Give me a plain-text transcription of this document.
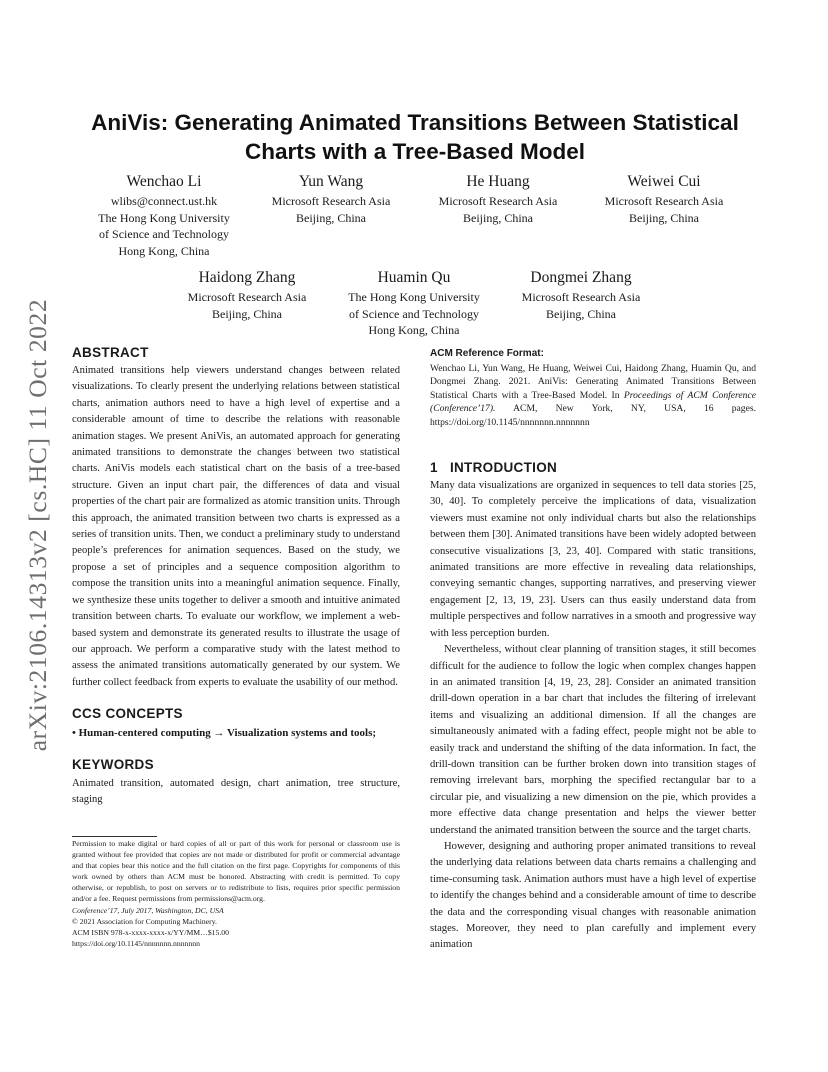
arXiv:2106.14313v2 [cs.HC] 11 Oct 2022
AniVis: Generating Animated Transitions Between Statistical Charts with a Tree-Based Model
Wenchao Li
wlibs@connect.ust.hk
The Hong Kong University
of Science and Technology
Hong Kong, China
Yun Wang
Microsoft Research Asia
Beijing, China
He Huang
Microsoft Research Asia
Beijing, China
Weiwei Cui
Microsoft Research Asia
Beijing, China
Haidong Zhang
Microsoft Research Asia
Beijing, China
Huamin Qu
The Hong Kong University
of Science and Technology
Hong Kong, China
Dongmei Zhang
Microsoft Research Asia
Beijing, China
ABSTRACT

Animated transitions help viewers understand changes between related visualizations. To clearly present the underlying relations between statistical charts, animation authors need to have a high level of expertise and a considerable amount of time to describe the relations with reasonable animation stages. We present AniVis, an automated approach for generating animated transitions to demonstrate the changes between two statistical charts. AniVis models each statistical chart on the basis of a tree-based structure. Given an input chart pair, the differences of data and visual properties of the chart pair are formalized as atomic transition units. Through this approach, the animated transition between two charts is expressed as a series of transition units. Then, we conduct a preliminary study to understand people’s preferences for animation sequences. Based on the study, we propose a set of principles and a sequence composition algorithm to compose the transition units into a meaningful animation sequence. Finally, we synthesize these units together to deliver a smooth and intuitive animated transition between charts. To evaluate our workflow, we implement a web-based system and demonstrate its generated results to illustrate the usage of our approach. We perform a comparative study with the latest method to assess the animated transitions automatically generated by our system. We further collect feedback from experts to evaluate the usability of our method.

CCS CONCEPTS

• Human-centered computing → Visualization systems and tools;

KEYWORDS

Animated transition, automated design, chart animation, tree structure, staging

Permission to make digital or hard copies of all or part of this work for personal or classroom use is granted without fee provided that copies are not made or distributed for profit or commercial advantage and that copies bear this notice and the full citation on the first page. Copyrights for components of this work owned by others than ACM must be honored. Abstracting with credit is permitted. To copy otherwise, or republish, to post on servers or to redistribute to lists, requires prior specific permission and/or a fee. Request permissions from permissions@acm.org.

Conference’17, July 2017, Washington, DC, USA

© 2021 Association for Computing Machinery.

ACM ISBN 978-x-xxxx-xxxx-x/YY/MM…$15.00

https://doi.org/10.1145/nnnnnnn.nnnnnnn

ACM Reference Format:

Wenchao Li, Yun Wang, He Huang, Weiwei Cui, Haidong Zhang, Huamin Qu, and Dongmei Zhang. 2021. AniVis: Generating Animated Transitions Between Statistical Charts with a Tree-Based Model. In Proceedings of ACM Conference (Conference’17). ACM, New York, NY, USA, 16 pages. https://doi.org/10.1145/nnnnnnn.nnnnnnn

1   INTRODUCTION

Many data visualizations are organized in sequences to tell data stories [25, 30, 40]. To completely perceive the implications of data, visualization viewers must examine not only individual charts but also the relationships between them [30]. Animated transitions have been widely adopted between consecutive visualizations [3, 23, 40]. Compared with static transitions, animated transitions are more effective in revealing data relationships, conveying semantic changes, supporting narratives, and preserving viewer engagement [2, 13, 19, 23]. Users can thus easily understand data from multiple perspectives and follow narratives in a smooth and progressive way with less perception burden.

Nevertheless, without clear planning of transition stages, it still becomes difficult for the audience to follow the logic when complex changes happen in an animated transition [4, 19, 23, 28]. Consider an animated transition drill-down operation in a bar chart that includes the filtering of irrelevant items and visualizing an additional dimension. If all the changes are simultaneously animated with a fading effect, people might not be able to easily track and understand the shifting of the data information. In fact, the drill-down transition can be further broken down into transition stages of removing irrelevant bars, morphing the specified rectangular bar to a circular pie, and visualizing a new dimension on the pie, which provides a more effective data change presentation and helps the viewer better understand the animated transition between the source and the target charts.

However, designing and authoring proper animated transitions to reveal the underlying data relations between data charts remains a challenging and time-consuming task. Animation authors must have a high level of expertise to identify the changes behind and a considerable amount of time to describe the data and the corresponding visual changes with reasonable animation stages. Moreover, they need to plan carefully and implement every animation
